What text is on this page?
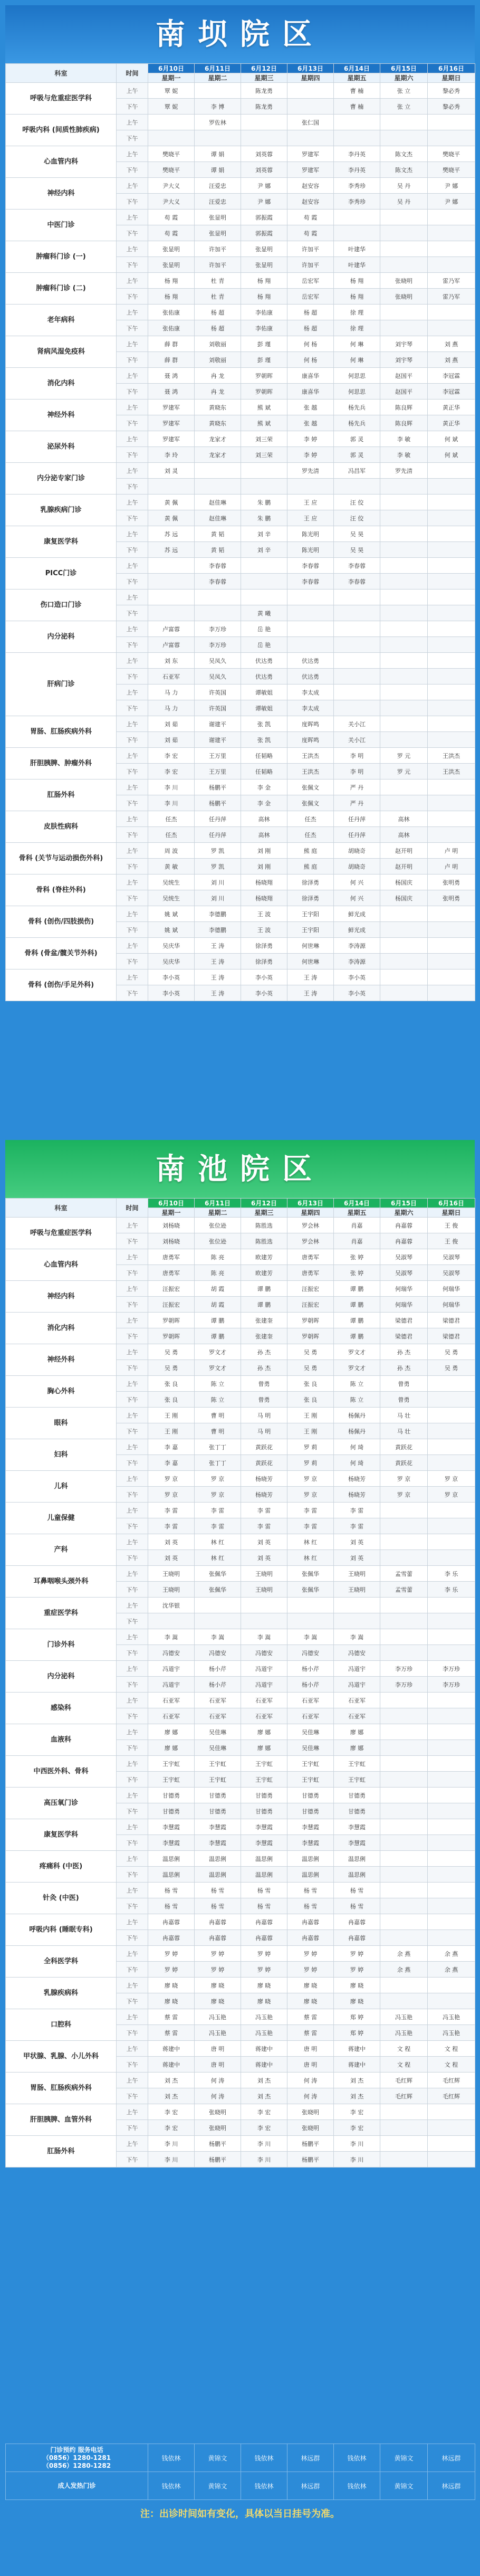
南坝院区
科室	时间	6月10日	6月11日	6月12日	6月13日	6月14日	6月15日	6月16日
		星期一	星期二	星期三	星期四	星期五	星期六	星期日
呼吸与危重症医学科	上午	覃 妮		陈龙勇		曹 楠	张 立	黎必秀
	下午	覃 妮	李 博	陈龙勇		曹 楠	张 立	黎必秀
呼吸内科 (间质性肺疾病)	上午		罗佐林		张仁国			
	下午							
心血管内科	上午	樊晓平	谭 娟	刘英蓉	罗建军	李丹英	陈文杰	樊晓平
	下午	樊晓平	谭 娟	刘英蓉	罗建军	李丹英	陈文杰	樊晓平
神经内科	上午	尹大义	汪爱忠	尹 娜	赵安容	李秀珍	吴 丹	尹 娜
	下午	尹大义	汪爱忠	尹 娜	赵安容	李秀珍	吴 丹	尹 娜
中医门诊	上午	苟 霞	张显明	郭振霞	苟 霞			
	下午	苟 霞	张显明	郭振霞	苟 霞			
肿瘤科门诊 (一)	上午	张显明	许加平	张显明	许加平	叶建华		
	下午	张显明	许加平	张显明	许加平	叶建华		
肿瘤科门诊 (二)	上午	杨 翔	杜 青	杨 翔	岳宏军	杨 翔	张晓明	雷乃军
	下午	杨 翔	杜 青	杨 翔	岳宏军	杨 翔	张晓明	雷乃军
老年病科	上午	张佑康	杨 超	李佑康	杨 超	徐 理		
	下午	张佑康	杨 超	李佑康	杨 超	徐 理		
肾病风湿免疫科	上午	薛 群	刘敬丽	彭 瑾	何 杨	何 琳	刘宇琴	刘 燕
	下午	薛 群	刘敬丽	彭 瑾	何 杨	何 琳	刘宇琴	刘 燕
消化内科	上午	聂 鸿	冉 龙	罗朝晖	康喜华	何思思	赵国平	李冠霖
	下午	聂 鸿	冉 龙	罗朝晖	康喜华	何思思	赵国平	李冠霖
神经外科	上午	罗建军	黄晓东	熊 斌	张 越	杨先兵	陈良辉	黄正华
	下午	罗建军	黄晓东	熊 斌	张 越	杨先兵	陈良辉	黄正华
泌尿外科	上午	罗建军	龙家才	刘三荣	李 婷	郭 灵	李 敏	何 斌
	下午	李 玲	龙家才	刘三荣	李 婷	郭 灵	李 敏	何 斌
内分泌专家门诊	上午	刘 灵			罗先清	冯昌军	罗先清	
	下午							
乳腺疾病门诊	上午	黄 佩	赵佳琳	朱 鹏	王 应	汪 佼		
	下午	黄 佩	赵佳琳	朱 鹏	王 应	汪 佼		
康复医学科	上午	苏 远	黄 韬	刘 辛	陈光明	吴 昊		
	下午	苏 远	黄 韬	刘 辛	陈光明	吴 昊		
PICC门诊	上午		李春蓉		李春蓉	李春蓉		
	下午		李春蓉		李春蓉	李春蓉		
伤口造口门诊	上午							
	下午			黄 曦				
内分泌科	上午	卢富蓉	李万珍	岳 艳				
	下午	卢富蓉	李万珍	岳 艳				
肝病门诊	上午	刘 东	吴凤久	伏达勇	伏达勇			
	下午	石亚军	吴凤久	伏达勇	伏达勇			
	上午	马 力	许英国	谭敏姐	李太成			
	下午	马 力	许英国	谭敏姐	李太成			
胃肠、肛肠疾病外科	上午	刘 茹	谢建平	张 凯	度晖鸣	关小江		
	下午	刘 茹	谢建平	张 凯	度晖鸣	关小江		
肝胆胰脾、肿瘤外科	上午	李 宏	王万里	任韬略	王洪杰	李 明	罗 元	王洪杰
	下午	李 宏	王万里	任韬略	王洪杰	李 明	罗 元	王洪杰
肛肠外科	上午	李 川	杨鹏平	李 金	张佩文	严 丹		
	下午	李 川	杨鹏平	李 金	张佩文	严 丹		
皮肤性病科	上午	任杰	任丹萍	高林	任杰	任丹萍	高林	
	下午	任杰	任丹萍	高林	任杰	任丹萍	高林	
骨科 (关节与运动损伤外科)	上午	周 波	罗 凯	刘 刚	熊 庭	胡晓奇	赵开明	卢 明
	下午	黄 敏	罗 凯	刘 刚	熊 庭	胡晓奇	赵开明	卢 明
骨科 (脊柱外科)	上午	吴统生	刘 川	杨晓翔	徐泽勇	何 兴	杨国庆	张明勇
	下午	吴统生	刘 川	杨晓翔	徐泽勇	何 兴	杨国庆	张明勇
骨科 (创伤/四肢损伤)	上午	姚 斌	李德鹏	王 波	王宇阳	鲜光成		
	下午	姚 斌	李德鹏	王 波	王宇阳	鲜光成		
骨科 (骨盆/髋关节外科)	上午	吴庆华	王 涛	徐泽勇	何世琳	李涛源		
	下午	吴庆华	王 涛	徐泽勇	何世琳	李涛源		
骨科 (创伤/手足外科)	上午	李小英	王 涛	李小英	王 涛	李小英		
	下午	李小英	王 涛	李小英	王 涛	李小英		
南池院区
科室	时间	6月10日	6月11日	6月12日	6月13日	6月14日	6月15日	6月16日
		星期一	星期二	星期三	星期四	星期五	星期六	星期日
呼吸与危重症医学科	上午	刘杨晓	张位逊	陈胜选	罗会林	肖嘉	冉嘉蓉	王 俊
	下午	刘杨晓	张位逊	陈胜选	罗会林	肖嘉	冉嘉蓉	王 俊
心血管内科	上午	唐勇军	陈 亮	欧建芳	唐勇军	张 婷	吴淑琴	吴淑琴
	下午	唐勇军	陈 亮	欧建芳	唐勇军	张 婷	吴淑琴	吴淑琴
神经内科	上午	汪振宏	胡 霞	谭 鹏	汪振宏	谭 鹏	何瑞华	何瑞华
	下午	汪振宏	胡 霞	谭 鹏	汪振宏	谭 鹏	何瑞华	何瑞华
消化内科	上午	罗朝晖	谭 鹏	张建奎	罗朝晖	谭 鹏	梁德君	梁德君
	下午	罗朝晖	谭 鹏	张建奎	罗朝晖	谭 鹏	梁德君	梁德君
神经外科	上午	吴 勇	罗文才	孙 杰	吴 勇	罗文才	孙 杰	吴 勇
	下午	吴 勇	罗文才	孙 杰	吴 勇	罗文才	孙 杰	吴 勇
胸心外科	上午	张 良	陈 立	曾勇	张 良	陈 立	曾勇	
	下午	张 良	陈 立	曾勇	张 良	陈 立	曾勇	
眼科	上午	王 刚	曹 明	马 明	王 刚	杨佩丹	马 壮	
	下午	王 刚	曹 明	马 明	王 刚	杨佩丹	马 壮	
妇科	上午	李 嘉	张丁丁	黄跃花	罗 莉	何 琦	黄跃花	
	下午	李 嘉	张丁丁	黄跃花	罗 莉	何 琦	黄跃花	
儿科	上午	罗 京	罗 京	杨晓芳	罗 京	杨晓芳	罗 京	罗 京
	下午	罗 京	罗 京	杨晓芳	罗 京	杨晓芳	罗 京	罗 京
儿童保健	上午	李 雷	李 雷	李 雷	李 雷	李 雷		
	下午	李 雷	李 雷	李 雷	李 雷	李 雷		
产科	上午	刘 英	林 红	刘 英	林 红	刘 英		
	下午	刘 英	林 红	刘 英	林 红	刘 英		
耳鼻咽喉头颈外科	上午	王晓明	张佩华	王晓明	张佩华	王晓明	孟雪蕾	李 乐
	下午	王晓明	张佩华	王晓明	张佩华	王晓明	孟雪蕾	李 乐
重症医学科	上午	沈华银						
	下午							
门诊外科	上午	李 嵩	李 嵩	李 嵩	李 嵩	李 嵩		
	下午	冯德安	冯德安	冯德安	冯德安	冯德安		
内分泌科	上午	冯道宇	杨小芹	冯道宇	杨小芹	冯道宇	李万珍	李万珍
	下午	冯道宇	杨小芹	冯道宇	杨小芹	冯道宇	李万珍	李万珍
感染科	上午	石亚军	石亚军	石亚军	石亚军	石亚军		
	下午	石亚军	石亚军	石亚军	石亚军	石亚军		
血液科	上午	廖 娜	吴佳琳	廖 娜	吴佳琳	廖 娜		
	下午	廖 娜	吴佳琳	廖 娜	吴佳琳	廖 娜		
中西医外科、骨科	上午	王宇虹	王宇虹	王宇虹	王宇虹	王宇虹		
	下午	王宇虹	王宇虹	王宇虹	王宇虹	王宇虹		
高压氧门诊	上午	甘德勇	甘德勇	甘德勇	甘德勇	甘德勇		
	下午	甘德勇	甘德勇	甘德勇	甘德勇	甘德勇		
康复医学科	上午	李慧霞	李慧霞	李慧霞	李慧霞	李慧霞		
	下午	李慧霞	李慧霞	李慧霞	李慧霞	李慧霞		
疼痛科 (中医)	上午	温思俐	温思俐	温思俐	温思俐	温思俐		
	下午	温思俐	温思俐	温思俐	温思俐	温思俐		
针灸 (中医)	上午	杨 雪	杨 雪	杨 雪	杨 雪	杨 雪		
	下午	杨 雪	杨 雪	杨 雪	杨 雪	杨 雪		
呼吸内科 (睡眠专科)	上午	冉嘉蓉	冉嘉蓉	冉嘉蓉	冉嘉蓉	冉嘉蓉		
	下午	冉嘉蓉	冉嘉蓉	冉嘉蓉	冉嘉蓉	冉嘉蓉		
全科医学科	上午	罗 婷	罗 婷	罗 婷	罗 婷	罗 婷	余 燕	余 燕
	下午	罗 婷	罗 婷	罗 婷	罗 婷	罗 婷	余 燕	余 燕
乳腺疾病科	上午	廖 晓	廖 晓	廖 晓	廖 晓	廖 晓		
	下午	廖 晓	廖 晓	廖 晓	廖 晓	廖 晓		
口腔科	上午	蔡 雷	冯玉艳	冯玉艳	蔡 雷	郑 婷	冯玉艳	冯玉艳
	下午	蔡 雷	冯玉艳	冯玉艳	蔡 雷	郑 婷	冯玉艳	冯玉艳
甲状腺、乳腺、小儿外科	上午	蒋建中	唐 明	蒋建中	唐 明	蒋建中	文 程	文 程
	下午	蒋建中	唐 明	蒋建中	唐 明	蒋建中	文 程	文 程
胃肠、肛肠疾病外科	上午	刘 杰	何 涛	刘 杰	何 涛	刘 杰	毛红辉	毛红辉
	下午	刘 杰	何 涛	刘 杰	何 涛	刘 杰	毛红辉	毛红辉
肝胆胰脾、血管外科	上午	李 宏	张晓明	李 宏	张晓明	李 宏		
	下午	李 宏	张晓明	李 宏	张晓明	李 宏		
肛肠外科	上午	李 川	杨鹏平	李 川	杨鹏平	李 川		
	下午	李 川	杨鹏平	李 川	杨鹏平	李 川		
门诊预约 服务电话
（0856）1280-1281
（0856）1280-1282	钱依林	黄锦文	钱依林	林远群	钱依林	黄锦文	林远群
成人发热门诊	钱依林	黄锦文	钱依林	林远群	钱依林	黄锦文	林远群
注：出诊时间如有变化，具体以当日挂号为准。
